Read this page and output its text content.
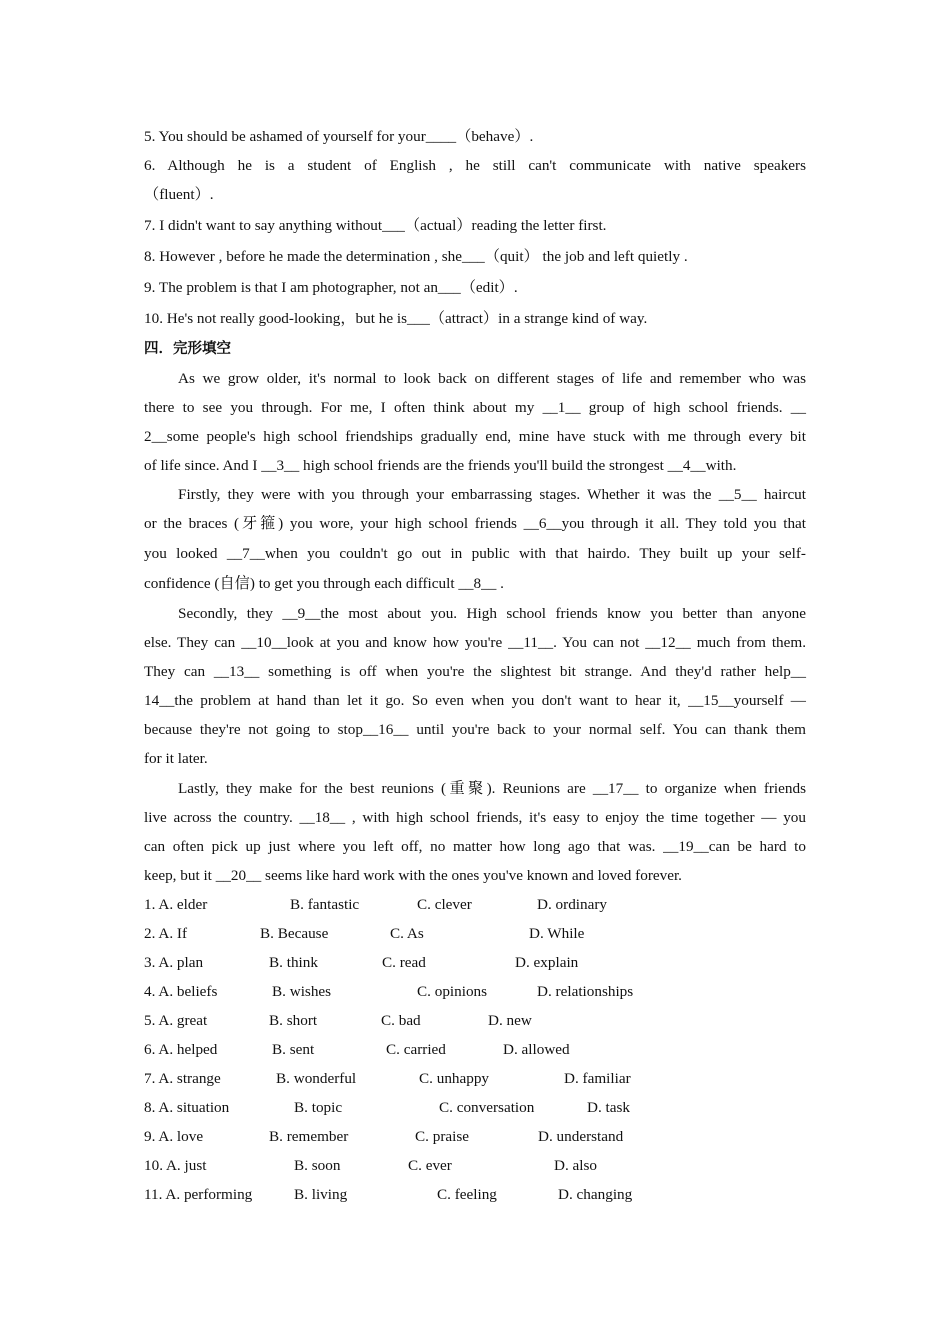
5. You should be ashamed of yourself for your____（behave）.
6. Although he is a student of English , he still can't communicate with native speakers
（fluent）.
7. I didn't want to say anything without___（actual）reading the letter first.
8. However , before he made the determination , she___（quit） the job and left quietly .
9. The problem is that I am photographer, not an___（edit）.
10. He's not really good-looking，but he is___（attract）in a strange kind of way.
四．完形填空
As we grow older, it's normal to look back on different stages of life and remember who was
there to see you through. For me, I often think about my __1__ group of high school friends. __
2__some people's high school friendships gradually end, mine have stuck with me through every bit
of life since. And I __3__ high school friends are the friends you'll build the strongest __4__with.
Firstly, they were with you through your embarrassing stages. Whether it was the __5__ haircut
or the braces (牙箍) you wore, your high school friends __6__you through it all. They told you that
you looked __7__when you couldn't go out in public with that hairdo. They built up your self-
confidence (自信) to get you through each difficult __8__ .
Secondly, they __9__the most about you. High school friends know you better than anyone
else. They can __10__look at you and know how you're __11__. You can not __12__ much from them.
They can __13__ something is off when you're the slightest bit strange. And they'd rather help__
14__the problem at hand than let it go. So even when you don't want to hear it, __15__yourself —
because they're not going to stop__16__ until you're back to your normal self. You can thank them
for it later.
Lastly, they make for the best reunions (重聚). Reunions are __17__ to organize when friends
live across the country. __18__ , with high school friends, it's easy to enjoy the time together — you
can often pick up just where you left off, no matter how long ago that was. __19__can be hard to
keep, but it __20__ seems like hard work with the ones you've known and loved forever.
1. A. elder	B. fantastic	C. clever	D. ordinary
2. A. If	B. Because	C. As	D. While
3. A. plan	B. think	C. read	D. explain
4. A. beliefs	B. wishes	C. opinions	D. relationships
5. A. great	B. short	C. bad	D. new
6. A. helped	B. sent	C. carried	D. allowed
7. A. strange	B. wonderful	C. unhappy	D. familiar
8. A. situation	B. topic	C. conversation	D. task
9. A. love	B. remember	C. praise	D. understand
10. A. just	B. soon	C. ever	D. also
11. A. performing	B. living	C. feeling	D. changing
